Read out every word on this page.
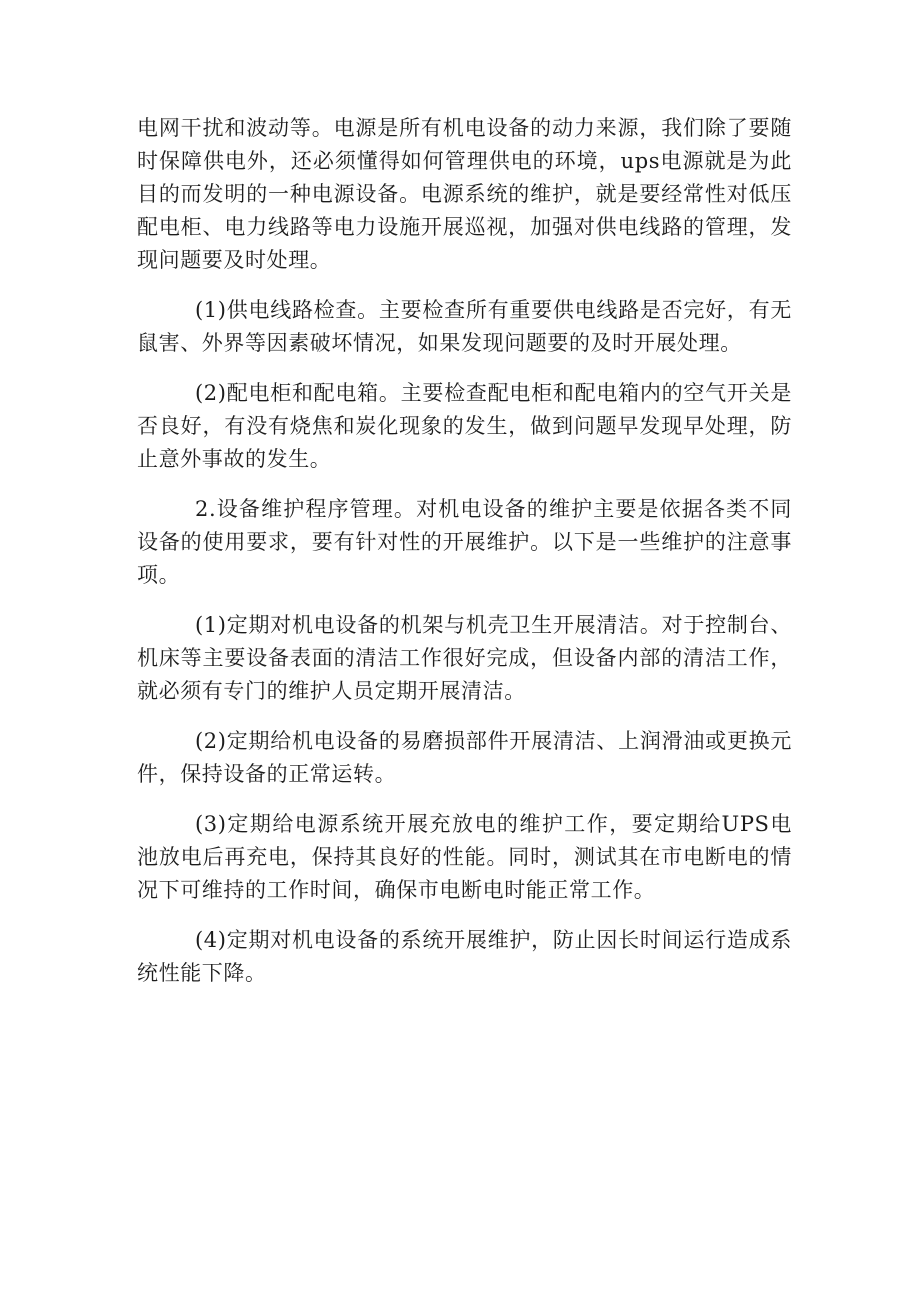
电网干扰和波动等。电源是所有机电设备的动力来源，我们除了要随时保障供电外，还必须懂得如何管理供电的环境，ups电源就是为此目的而发明的一种电源设备。电源系统的维护，就是要经常性对低压配电柜、电力线路等电力设施开展巡视，加强对供电线路的管理，发现问题要及时处理。

(1)供电线路检查。主要检查所有重要供电线路是否完好，有无鼠害、外界等因素破坏情况，如果发现问题要的及时开展处理。

(2)配电柜和配电箱。主要检查配电柜和配电箱内的空气开关是否良好，有没有烧焦和炭化现象的发生，做到问题早发现早处理，防止意外事故的发生。

2.设备维护程序管理。对机电设备的维护主要是依据各类不同设备的使用要求，要有针对性的开展维护。以下是一些维护的注意事项。

(1)定期对机电设备的机架与机壳卫生开展清洁。对于控制台、机床等主要设备表面的清洁工作很好完成，但设备内部的清洁工作，就必须有专门的维护人员定期开展清洁。

(2)定期给机电设备的易磨损部件开展清洁、上润滑油或更换元件，保持设备的正常运转。

(3)定期给电源系统开展充放电的维护工作，要定期给UPS电池放电后再充电，保持其良好的性能。同时，测试其在市电断电的情况下可维持的工作时间，确保市电断电时能正常工作。

(4)定期对机电设备的系统开展维护，防止因长时间运行造成系统性能下降。
